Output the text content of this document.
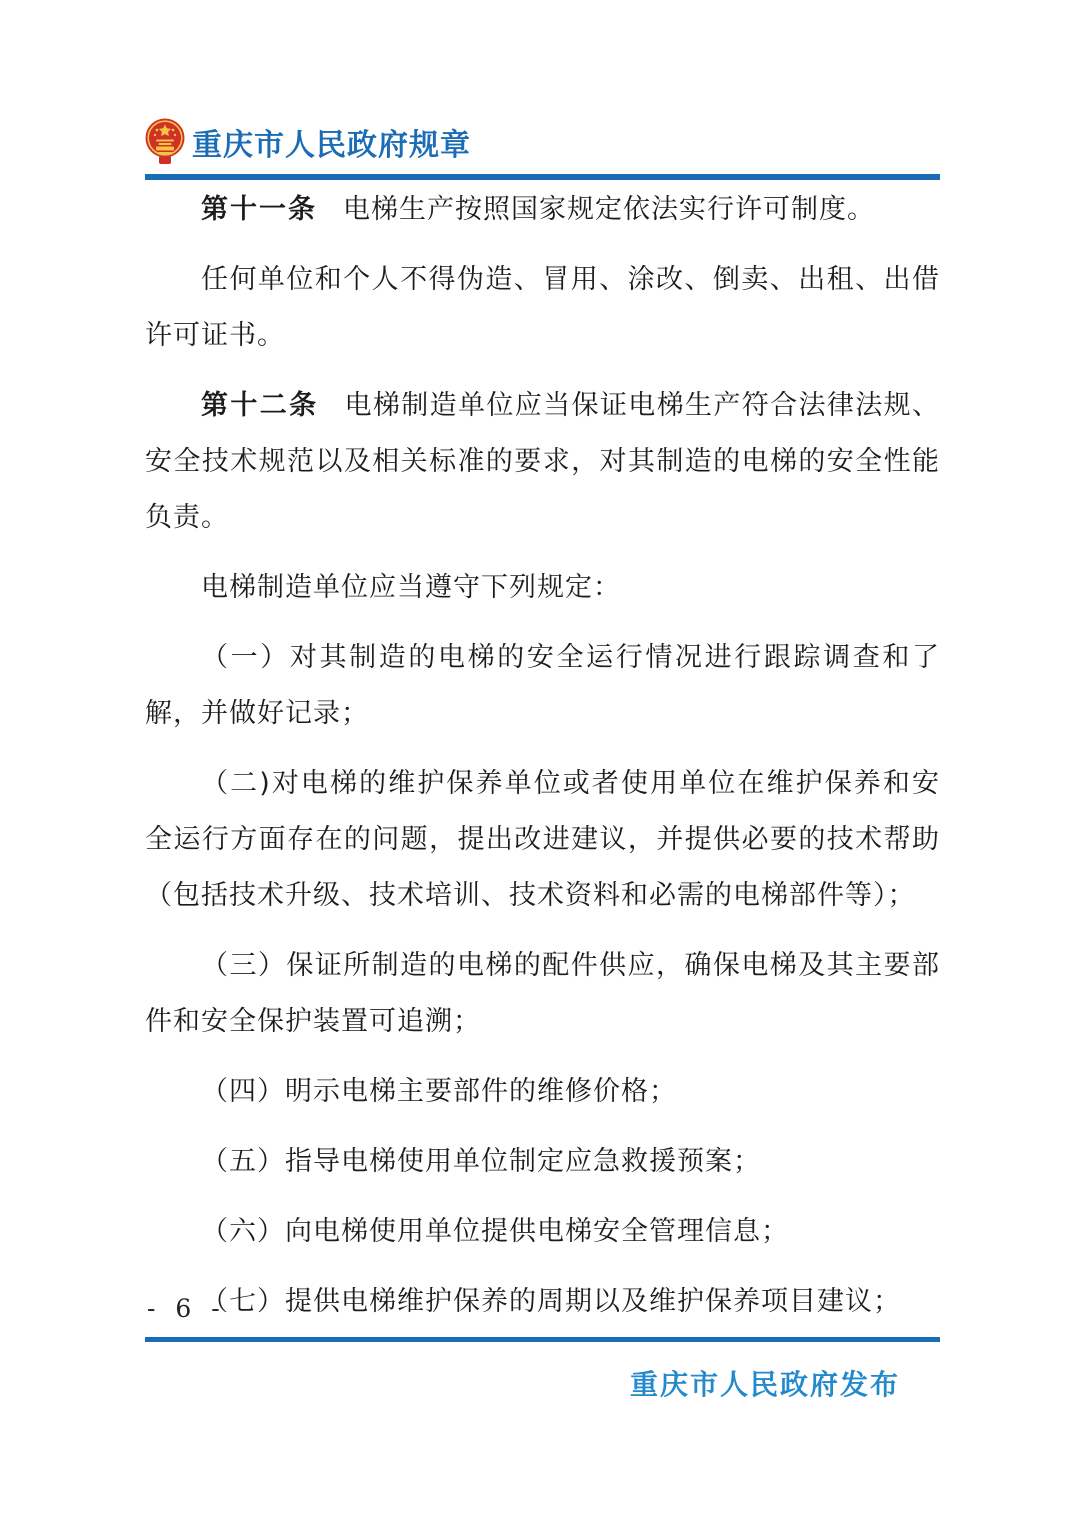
重庆市人民政府规章

第十一条 电梯生产按照国家规定依法实行许可制度。

任何单位和个人不得伪造、冒用、涂改、倒卖、出租、出借许可证书。

第十二条 电梯制造单位应当保证电梯生产符合法律法规、安全技术规范以及相关标准的要求，对其制造的电梯的安全性能负责。

电梯制造单位应当遵守下列规定：

（一）对其制造的电梯的安全运行情况进行跟踪调查和了解，并做好记录；

（二)对电梯的维护保养单位或者使用单位在维护保养和安全运行方面存在的问题，提出改进建议，并提供必要的技术帮助（包括技术升级、技术培训、技术资料和必需的电梯部件等）；

（三）保证所制造的电梯的配件供应，确保电梯及其主要部件和安全保护装置可追溯；

（四）明示电梯主要部件的维修价格；

（五）指导电梯使用单位制定应急救援预案；

（六）向电梯使用单位提供电梯安全管理信息；

（七）提供电梯维护保养的周期以及维护保养项目建议；

- 6 -
重庆市人民政府发布
